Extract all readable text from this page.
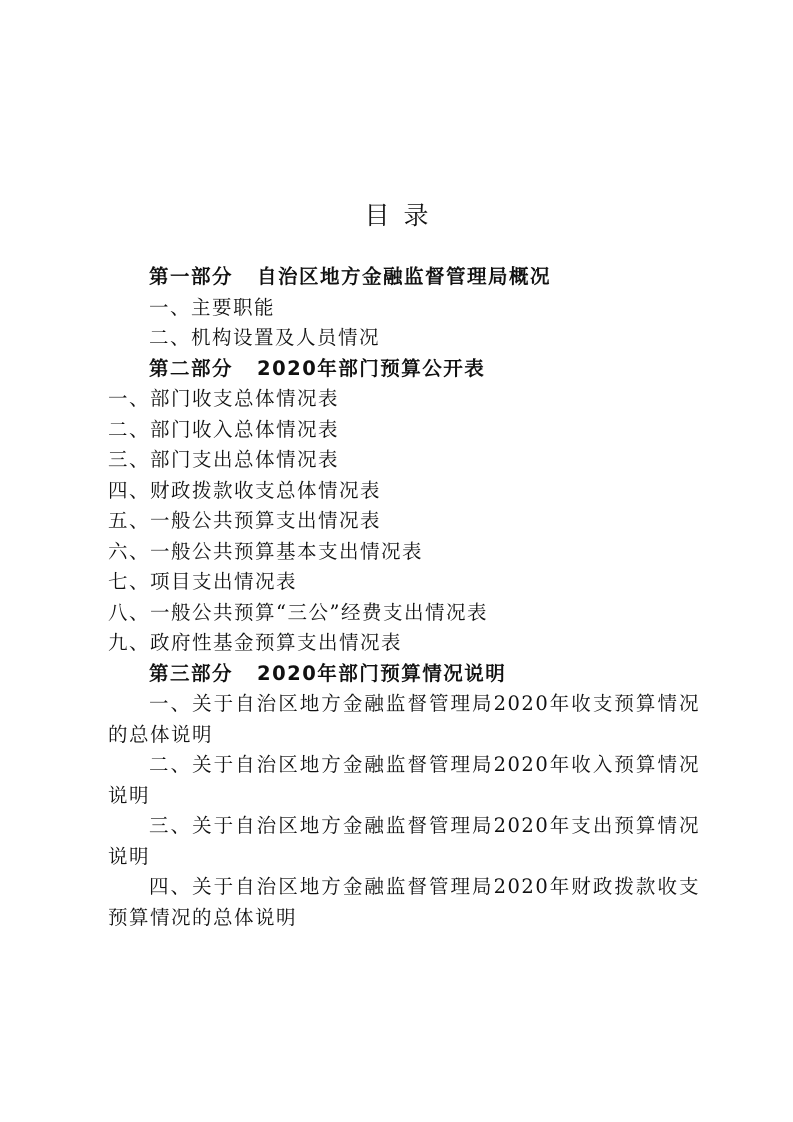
目录
第一部分 自治区地方金融监督管理局概况
一、主要职能
二、机构设置及人员情况
第二部分 2020年部门预算公开表
一、部门收支总体情况表
二、部门收入总体情况表
三、部门支出总体情况表
四、财政拨款收支总体情况表
五、一般公共预算支出情况表
六、一般公共预算基本支出情况表
七、项目支出情况表
八、一般公共预算“三公”经费支出情况表
九、政府性基金预算支出情况表
第三部分 2020年部门预算情况说明
一、关于自治区地方金融监督管理局2020年收支预算情况的总体说明
二、关于自治区地方金融监督管理局2020年收入预算情况说明
三、关于自治区地方金融监督管理局2020年支出预算情况说明
四、关于自治区地方金融监督管理局2020年财政拨款收支预算情况的总体说明
